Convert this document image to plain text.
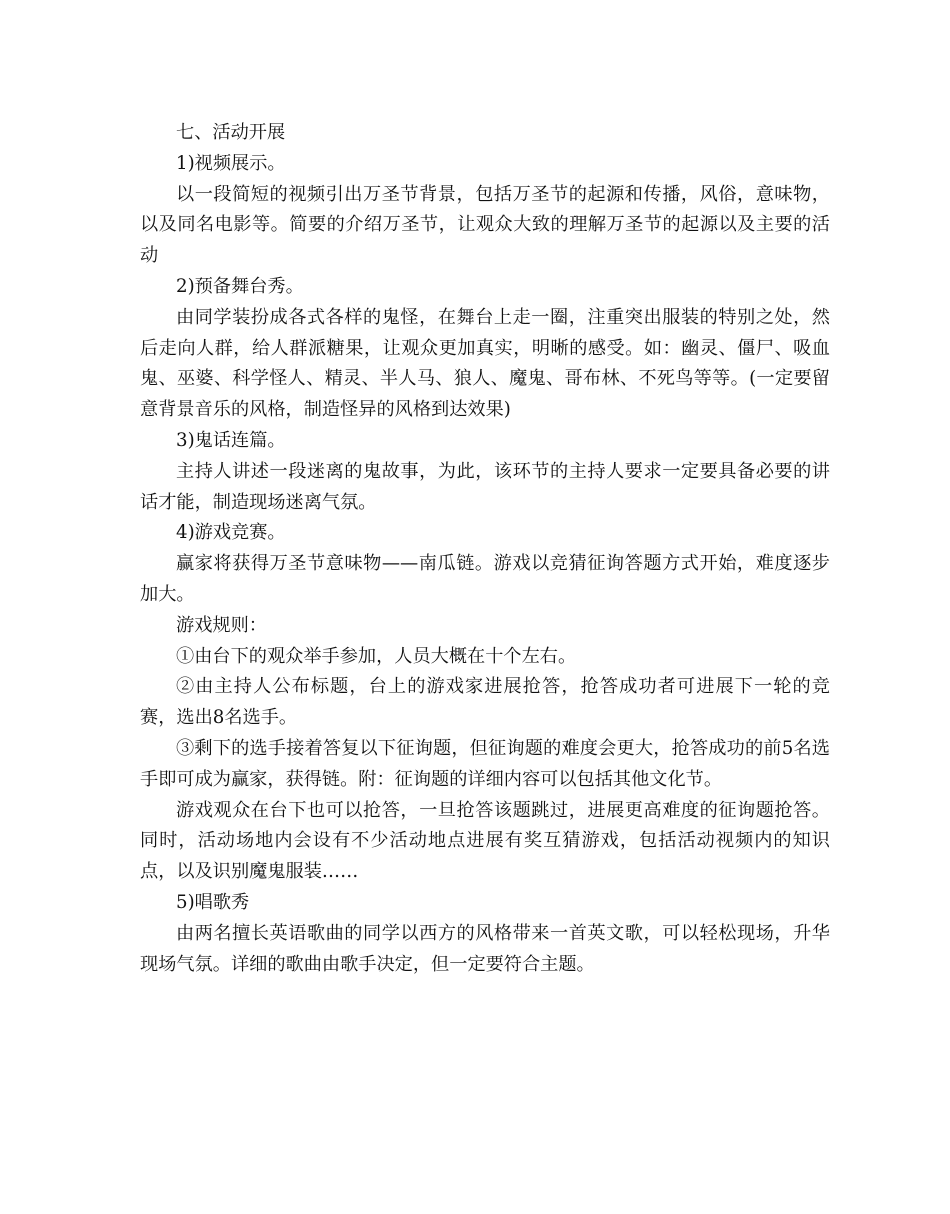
七、活动开展

1)视频展示。

以一段简短的视频引出万圣节背景，包括万圣节的起源和传播，风俗，意味物，以及同名电影等。简要的介绍万圣节，让观众大致的理解万圣节的起源以及主要的活动

2)预备舞台秀。

由同学装扮成各式各样的鬼怪，在舞台上走一圈，注重突出服装的特别之处，然后走向人群，给人群派糖果，让观众更加真实，明晰的感受。如：幽灵、僵尸、吸血鬼、巫婆、科学怪人、精灵、半人马、狼人、魔鬼、哥布林、不死鸟等等。(一定要留意背景音乐的风格，制造怪异的风格到达效果)

3)鬼话连篇。

主持人讲述一段迷离的鬼故事，为此，该环节的主持人要求一定要具备必要的讲话才能，制造现场迷离气氛。

4)游戏竞赛。

赢家将获得万圣节意味物——南瓜链。游戏以竞猜征询答题方式开始，难度逐步加大。

游戏规则：

①由台下的观众举手参加，人员大概在十个左右。

②由主持人公布标题，台上的游戏家进展抢答，抢答成功者可进展下一轮的竞赛，选出8名选手。

③剩下的选手接着答复以下征询题，但征询题的难度会更大，抢答成功的前5名选手即可成为赢家，获得链。附：征询题的详细内容可以包括其他文化节。

游戏观众在台下也可以抢答，一旦抢答该题跳过，进展更高难度的征询题抢答。同时，活动场地内会设有不少活动地点进展有奖互猜游戏，包括活动视频内的知识点，以及识别魔鬼服装……

5)唱歌秀

由两名擅长英语歌曲的同学以西方的风格带来一首英文歌，可以轻松现场，升华现场气氛。详细的歌曲由歌手决定，但一定要符合主题。
